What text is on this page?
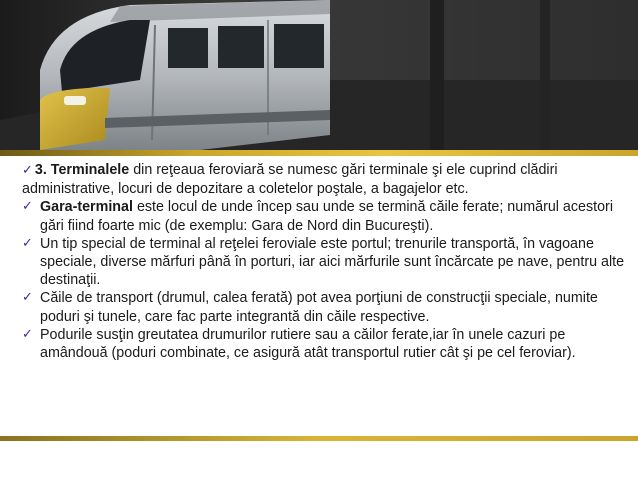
✓ 3. Terminalele din reţeaua feroviară se numesc gări terminale şi ele cuprind clădiri administrative, locuri de depozitare a coletelor poştale, a bagajelor etc.

✓ Gara-terminal este locul de unde încep sau unde se termină căile ferate; numărul acestori gări fiind foarte mic (de exemplu: Gara de Nord din Bucureşti).

✓ Un tip special de terminal al reţelei feroviale este portul; trenurile transportă, în vagoane speciale, diverse mărfuri până în porturi, iar aici mărfurile sunt încărcate pe nave, pentru alte destinaţii.

✓ Căile de transport (drumul, calea ferată) pot avea porţiuni de construcţii speciale, numite poduri şi tunele, care fac parte integrantă din căile respective.

✓ Podurile susţin greutatea drumurilor rutiere sau a căilor ferate,iar în unele cazuri pe amândouă (poduri combinate, ce asigură atât transportul rutier cât şi pe cel feroviar).
